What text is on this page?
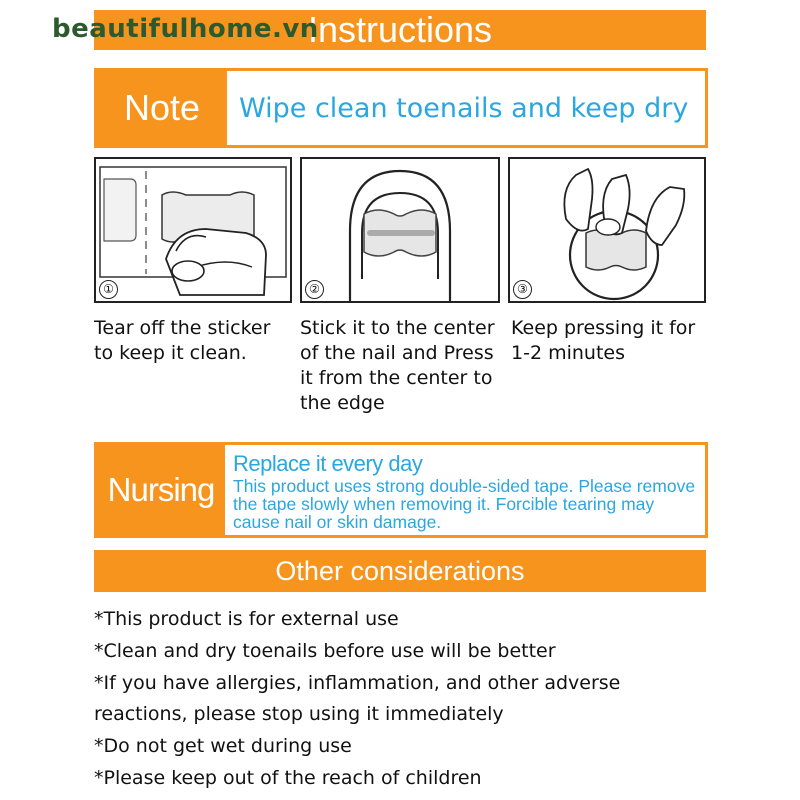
beautifulhome.vn
Instructions
Note	Wipe clean toenails and keep dry
①	②	③
Tear off the sticker to keep it clean.
Stick it to the center of the nail and Press it from the center to the edge
Keep pressing it for 1-2 minutes
Nursing
Replace it every day
This product uses strong double-sided tape. Please remove the tape slowly when removing it. Forcible tearing may cause nail or skin damage.
Other considerations
*This product is for external use
*Clean and dry toenails before use will be better
*If you have allergies, inflammation, and other adverse reactions, please stop using it immediately
*Do not get wet during use
*Please keep out of the reach of children
